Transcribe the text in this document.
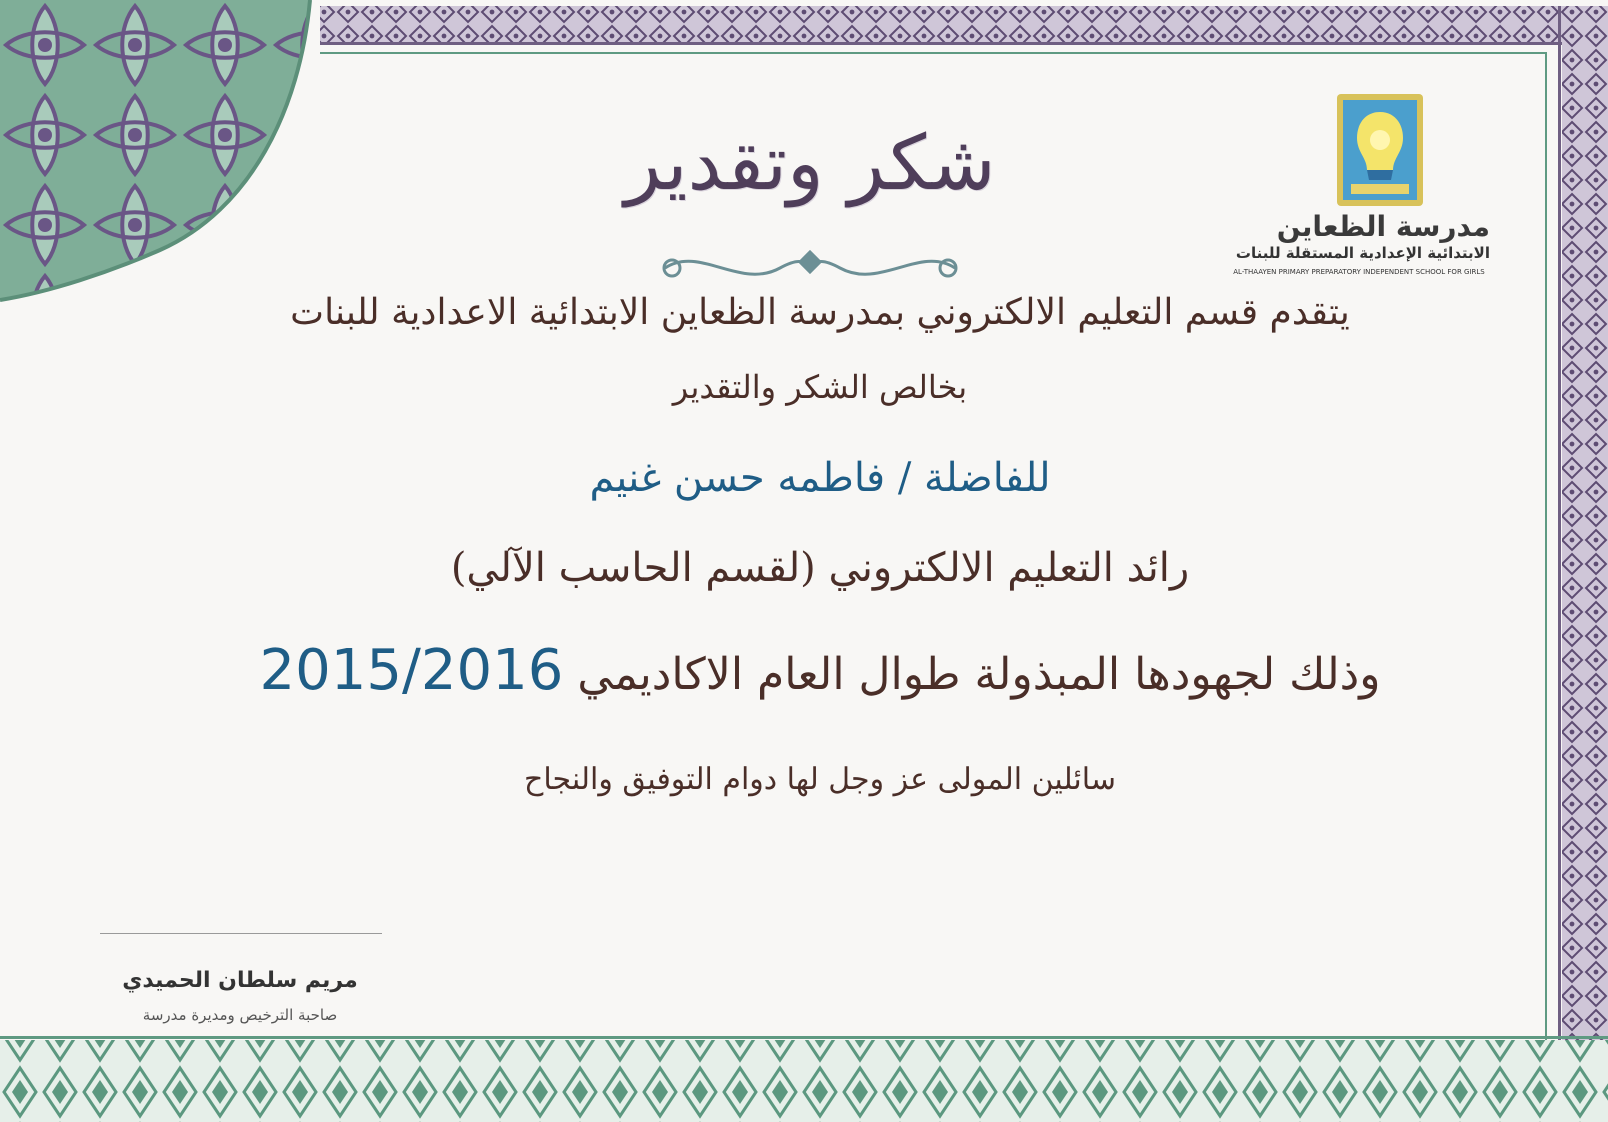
مدرسة الظعاين
الابتدائية الإعدادية المستقلة للبنات
AL-THAAYEN PRIMARY PREPARATORY INDEPENDENT SCHOOL FOR GIRLS
شكر وتقدير
يتقدم قسم التعليم الالكتروني بمدرسة الظعاين الابتدائية الاعدادية للبنات
بخالص الشكر والتقدير
للفاضلة / فاطمه حسن غنيم
رائد التعليم الالكتروني (لقسم الحاسب الآلي)
وذلك لجهودها المبذولة طوال العام الاكاديمي 2015/2016
سائلين المولى عز وجل لها دوام التوفيق والنجاح
مريم سلطان الحميدي
صاحبة الترخيص ومديرة مدرسة
